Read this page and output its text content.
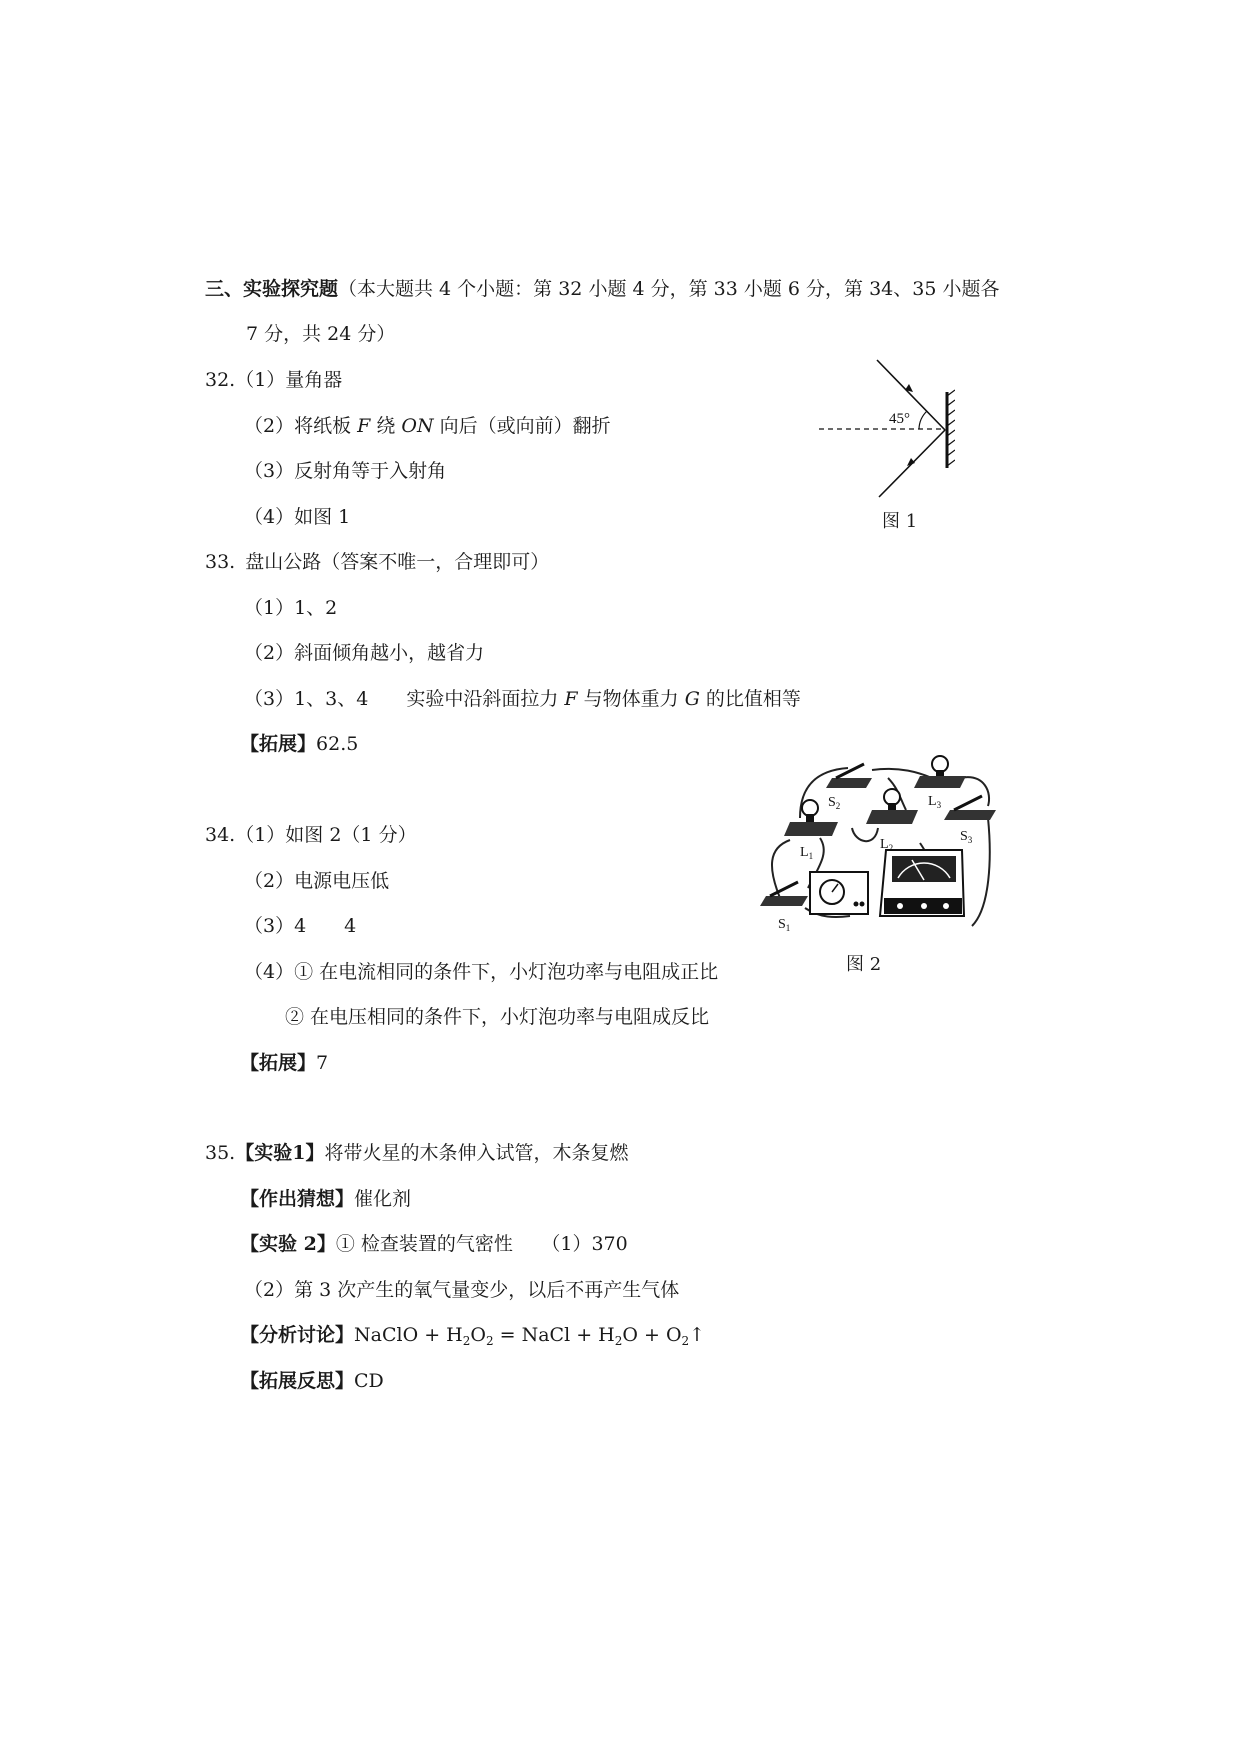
三、实验探究题（本大题共 4 个小题：第 32 小题 4 分，第 33 小题 6 分，第 34、35 小题各
7 分，共 24 分）
32.（1）量角器
（2）将纸板 F 绕 ON 向后（或向前）翻折
（3）反射角等于入射角
（4）如图 1
45°
图 1
33. 盘山公路（答案不唯一，合理即可）
（1）1、2
（2）斜面倾角越小，越省力
（3）1、3、4　　实验中沿斜面拉力 F 与物体重力 G 的比值相等
【拓展】62.5
$S_2$	$L_3$
$S_3$
$L_2$
$L_1$
$S_1$
图 2
34.（1）如图 2（1 分）
（2）电源电压低
（3）4　　4
（4）① 在电流相同的条件下，小灯泡功率与电阻成正比
② 在电压相同的条件下，小灯泡功率与电阻成反比
【拓展】7
35.【实验1】将带火星的木条伸入试管，木条复燃
【作出猜想】催化剂
【实验 2】① 检查装置的气密性　　（1）370
（2）第 3 次产生的氧气量变少，以后不再产生气体
【分析讨论】NaClO + $H_2O_2$ = NaCl + $H_2O$ + $O_2↑$
【拓展反思】CD
